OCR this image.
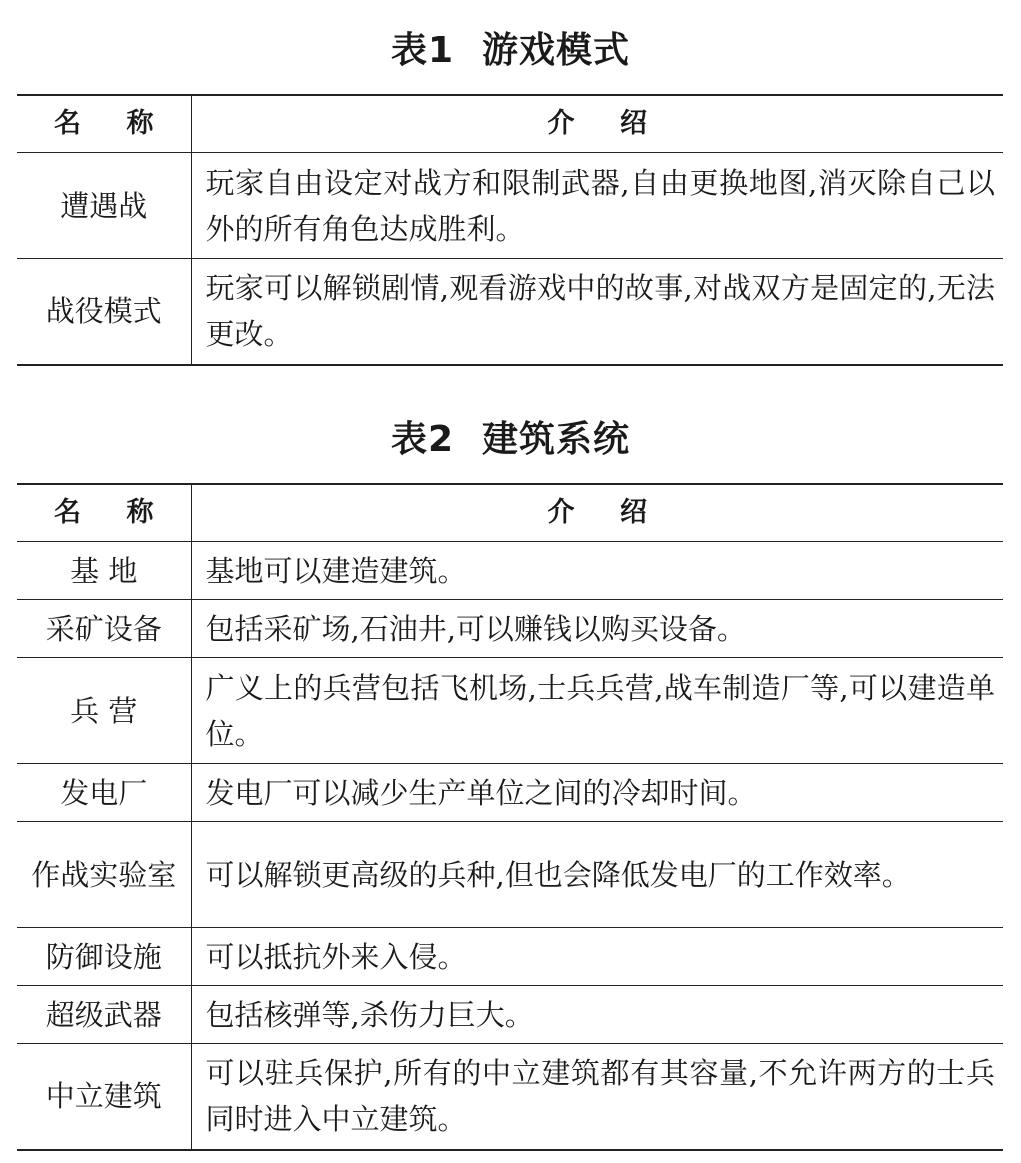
表1 游戏模式
名 称	介 绍
遭遇战	玩家自由设定对战方和限制武器,自由更换地图,消灭除自己以外的所有角色达成胜利。
战役模式	玩家可以解锁剧情,观看游戏中的故事,对战双方是固定的,无法更改。
表2 建筑系统
名 称	介 绍
基 地	基地可以建造建筑。
采矿设备	包括采矿场,石油井,可以赚钱以购买设备。
兵 营	广义上的兵营包括飞机场,士兵兵营,战车制造厂等,可以建造单位。
发电厂	发电厂可以减少生产单位之间的冷却时间。
作战实验室	可以解锁更高级的兵种,但也会降低发电厂的工作效率。
防御设施	可以抵抗外来入侵。
超级武器	包括核弹等,杀伤力巨大。
中立建筑	可以驻兵保护,所有的中立建筑都有其容量,不允许两方的士兵同时进入中立建筑。
